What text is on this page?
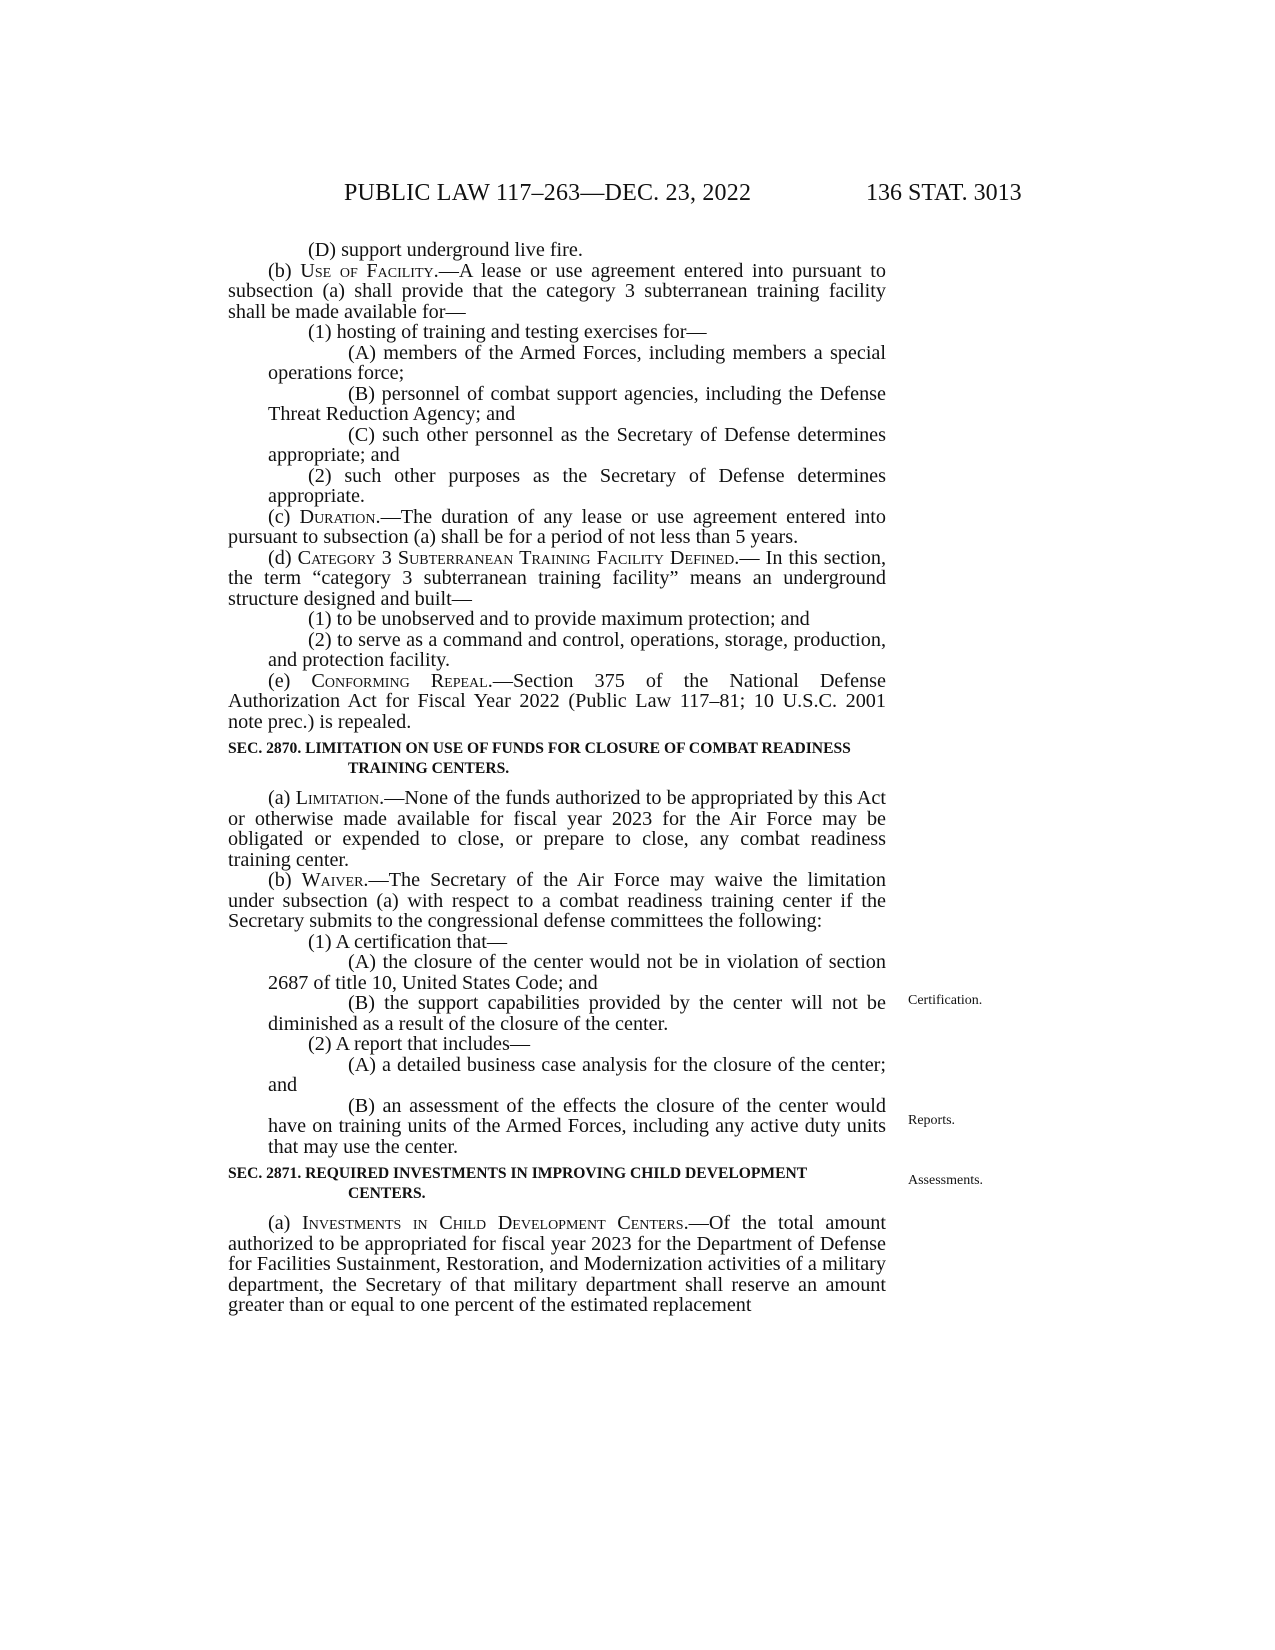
PUBLIC LAW 117–263—DEC. 23, 2022	136 STAT. 3013

(D) support underground live fire.

(b) Use of Facility.—A lease or use agreement entered into pursuant to subsection (a) shall provide that the category 3 subterranean training facility shall be made available for—

(1) hosting of training and testing exercises for—

(A) members of the Armed Forces, including members a special operations force;

(B) personnel of combat support agencies, including the Defense Threat Reduction Agency; and

(C) such other personnel as the Secretary of Defense determines appropriate; and

(2) such other purposes as the Secretary of Defense determines appropriate.

(c) Duration.—The duration of any lease or use agreement entered into pursuant to subsection (a) shall be for a period of not less than 5 years.

(d) Category 3 Subterranean Training Facility Defined.— In this section, the term “category 3 subterranean training facility” means an underground structure designed and built—

(1) to be unobserved and to provide maximum protection; and

(2) to serve as a command and control, operations, storage, production, and protection facility.

(e) Conforming Repeal.—Section 375 of the National Defense Authorization Act for Fiscal Year 2022 (Public Law 117–81; 10 U.S.C. 2001 note prec.) is repealed.

SEC. 2870. LIMITATION ON USE OF FUNDS FOR CLOSURE OF COMBAT READINESS TRAINING CENTERS.

(a) Limitation.—None of the funds authorized to be appropriated by this Act or otherwise made available for fiscal year 2023 for the Air Force may be obligated or expended to close, or prepare to close, any combat readiness training center.

(b) Waiver.—The Secretary of the Air Force may waive the limitation under subsection (a) with respect to a combat readiness training center if the Secretary submits to the congressional defense committees the following:

(1) A certification that—

(A) the closure of the center would not be in violation of section 2687 of title 10, United States Code; and

(B) the support capabilities provided by the center will not be diminished as a result of the closure of the center.

(2) A report that includes—

(A) a detailed business case analysis for the closure of the center; and

(B) an assessment of the effects the closure of the center would have on training units of the Armed Forces, including any active duty units that may use the center.

SEC. 2871. REQUIRED INVESTMENTS IN IMPROVING CHILD DEVELOPMENT CENTERS.

(a) Investments in Child Development Centers.—Of the total amount authorized to be appropriated for fiscal year 2023 for the Department of Defense for Facilities Sustainment, Restoration, and Modernization activities of a military department, the Secretary of that military department shall reserve an amount greater than or equal to one percent of the estimated replacement

Certification.
Reports.
Assessments.
